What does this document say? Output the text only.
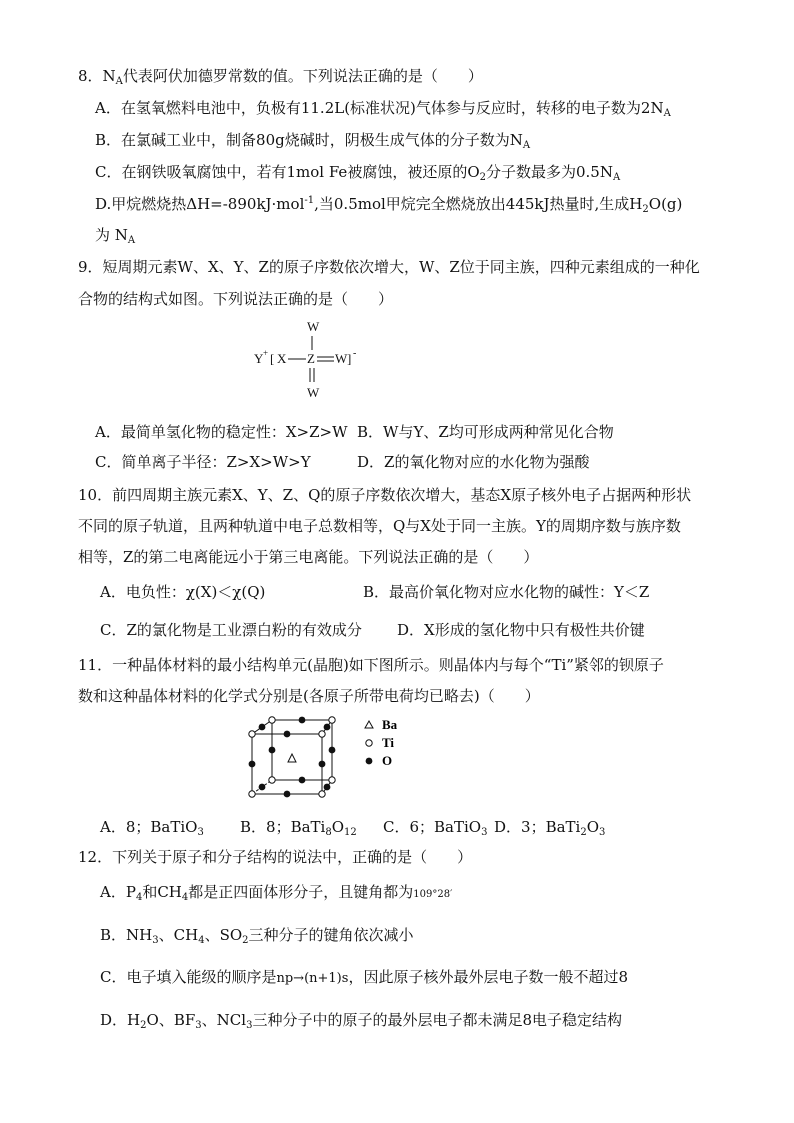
8．$N_A$代表阿伏加德罗常数的值。下列说法正确的是（　　）
A．在氢氧燃料电池中，负极有11.2L(标准状况)气体参与反应时，转移的电子数为$2N_A$
B．在氯碱工业中，制备80g烧碱时，阴极生成气体的分子数为$N_A$
C．在钢铁吸氧腐蚀中，若有1mol Fe被腐蚀，被还原的$O_2$分子数最多为$0.5N_A$
D.甲烷燃烧热ΔH=-890kJ·mol$^{-1}$,当0.5mol甲烷完全燃烧放出445kJ热量时,生成$H_2O(g)$
为 $N_A$
9．短周期元素W、X、Y、Z的原子序数依次增大，W、Z位于同主族，四种元素组成的一种化
合物的结构式如图。下列说法正确的是（　　）
W
Y + [ X Z W ] -
W
A．最简单氢化物的稳定性：X>Z>W B．W与Y、Z均可形成两种常见化合物
C．简单离子半径：Z>X>W>Y	D．Z的氧化物对应的水化物为强酸
10．前四周期主族元素X、Y、Z、Q的原子序数依次增大，基态X原子核外电子占据两种形状
不同的原子轨道，且两种轨道中电子总数相等，Q与X处于同一主族。Y的周期序数与族序数
相等，Z的第二电离能远小于第三电离能。下列说法正确的是（　　）
A．电负性：χ(X)＜χ(Q)	B．最高价氧化物对应水化物的碱性：Y＜Z
C．Z的氯化物是工业漂白粉的有效成分 D．X形成的氢化物中只有极性共价键
11．一种晶体材料的最小结构单元(晶胞)如下图所示。则晶体内与每个“Ti”紧邻的钡原子
数和这种晶体材料的化学式分别是(各原子所带电荷均已略去)（　　）
Ba
Ti
O
A．8；BaTiO$_3$ B．8；$BaTi_8O_{12}$ C．6；BaTiO$_3$ D．3；$BaTi_2O_3$
12．下列关于原子和分子结构的说法中，正确的是（　　）
A．$P_4$和$CH_4$都是正四面体形分子，且键角都为109°28′
B．$NH_3$、$CH_4$、$SO_2$三种分子的键角依次减小
C．电子填入能级的顺序是np→(n+1)s，因此原子核外最外层电子数一般不超过8
D．$H_2O$、$BF_3$、NCl$_3$三种分子中的原子的最外层电子都未满足8电子稳定结构
